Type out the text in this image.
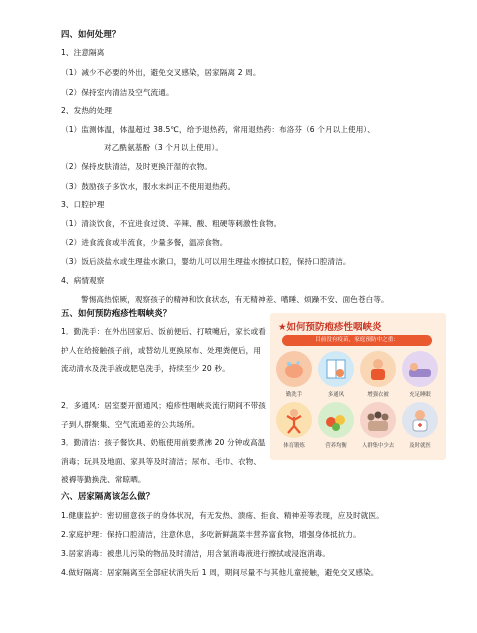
四、如何处理？
1、注意隔离
（1）减少不必要的外出，避免交叉感染，居家隔离 2 周。
（2）保持室内清洁及空气流通。
2、发热的处理
（1）监测体温，体温超过 38.5℃，给予退热药，常用退热药：布洛芬（6 个月以上使用）、
对乙酰氨基酚（3 个月以上使用）。
（2）保持皮肤清洁，及时更换汗湿的衣物。
（3）鼓励孩子多饮水，服水未纠正不使用退热药。
3、口腔护理
（1）清淡饮食，不宜进食过烫、辛辣、酸、粗硬等刺激性食物。
（2）进食流食或半流食，少量多餐，温凉食物。
（3）饭后淡盐水或生理盐水漱口，婴幼儿可以用生理盐水擦拭口腔，保持口腔清洁。
4、病情观察
警惕高热惊厥，观察孩子的精神和饮食状态，有无精神差、嗜睡、烦躁不安、面色苍白等。
五、如何预防疱疹性咽峡炎？
1．勤洗手：在外出回家后、饭前便后、打喷嚏后，家长或看护人在给接触孩子前，或替幼儿更换尿布、处理粪便后，用流动清水及洗手液或肥皂洗手，持续至少 20 秒。
2．多通风：居室要开窗通风；疱疹性咽峡炎流行期间不带孩子到人群聚集、空气流通差的公共场所。
3．勤清洁：孩子餐饮具、奶瓶使用前要煮沸 20 分钟或高温消毒；玩具及地面、家具等及时清洁；尿布、毛巾、衣物、被褥等勤换洗、常晾晒。
★如何预防疱疹性咽峡炎
目前没有疫苗，家庭预防中之重：
勤洗手	多通风	增强衣被	充足睡眠
体育锻炼	营养均衡	人群集中少去	及时就医
六、居家隔离该怎么做？
1.健康监护：密切留意孩子的身体状况，有无发热、溃疡、拒食、精神差等表现，应及时就医。
2.家庭护理：保持口腔清洁，注意休息，多吃新鲜蔬菜丰营养富食物，增强身体抵抗力。
3.居家消毒：被患儿污染的物品及时清洁，用含氯消毒液进行擦拭或浸泡消毒。
4.做好隔离：居家隔离至全部症状消失后 1 周，期间尽量不与其他儿童接触，避免交叉感染。
